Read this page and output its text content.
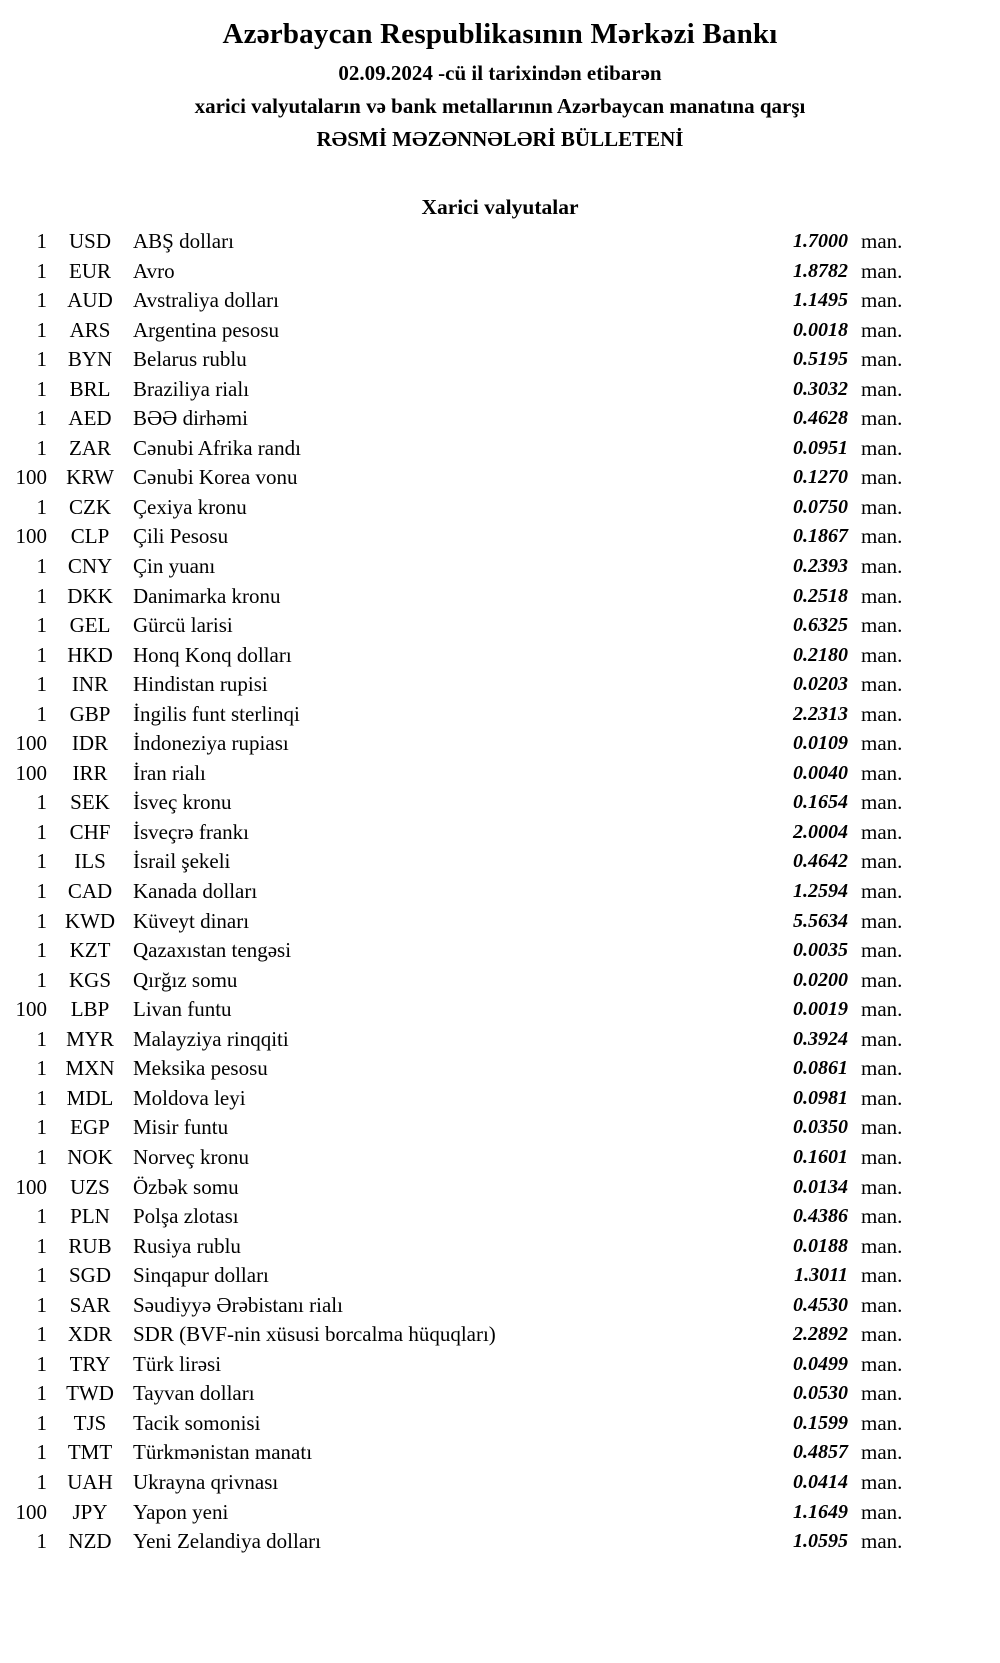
Azərbaycan Respublikasının Mərkəzi Bankı
02.09.2024 -cü il tarixindən etibarən
xarici valyutaların və bank metallarının Azərbaycan manatına qarşı
RƏSMİ MƏZƏNNƏLƏRİ BÜLLETENİ
Xarici valyutalar
1	USD	ABŞ dolları	1.7000 man.
1	EUR	Avro	1.8782 man.
1 AUD Avstraliya dolları	1.1495 man.
1	ARS	Argentina pesosu	0.0018 man.
1 BYN Belarus rublu	0.5195 man.
1	BRL	Braziliya rialı	0.3032 man.
1	AED	BƏƏ dirhəmi	0.4628 man.
1	ZAR	Cənubi Afrika randı	0.0951 man.
100 KRW Cənubi Korea vonu	0.1270 man.
1	CZK	Çexiya kronu	0.0750 man.
100	CLP	Çili Pesosu	0.1867 man.
1 CNY Çin yuanı	0.2393 man.
1 DKK Danimarka kronu	0.2518 man.
1	GEL	Gürcü larisi	0.6325 man.
1 HKD Honq Konq dolları	0.2180 man.
1	INR	Hindistan rupisi	0.0203 man.
1	GBP	İngilis funt sterlinqi	2.2313 man.
100	IDR	İndoneziya rupiası	0.0109 man.
100	IRR	İran rialı	0.0040 man.
1	SEK	İsveç kronu	0.1654 man.
1	CHF	İsveçrə frankı	2.0004 man.
1	ILS	İsrail şekeli	0.4642 man.
1 CAD Kanada dolları	1.2594 man.
1 KWD Küveyt dinarı	5.5634 man.
1	KZT	Qazaxıstan tengəsi	0.0035 man.
1	KGS	Qırğız somu	0.0200 man.
100	LBP	Livan funtu	0.0019 man.
1 MYR Malayziya rinqqiti	0.3924 man.
1 MXN Meksika pesosu	0.0861 man.
1 MDL Moldova leyi	0.0981 man.
1	EGP	Misir funtu	0.0350 man.
1 NOK Norveç kronu	0.1601 man.
100	UZS	Özbək somu	0.0134 man.
1	PLN	Polşa zlotası	0.4386 man.
1	RUB	Rusiya rublu	0.0188 man.
1	SGD	Sinqapur dolları	1.3011 man.
1	SAR	Səudiyyə Ərəbistanı rialı	0.4530 man.
1 XDR SDR (BVF-nin xüsusi borcalma hüquqları)	2.2892 man.
1	TRY	Türk lirəsi	0.0499 man.
1 TWD Tayvan dolları	0.0530 man.
1	TJS	Tacik somonisi	0.1599 man.
1 TMT Türkmənistan manatı	0.4857 man.
1 UAH Ukrayna qrivnası	0.0414 man.
100	JPY	Yapon yeni	1.1649 man.
1	NZD	Yeni Zelandiya dolları	1.0595 man.
